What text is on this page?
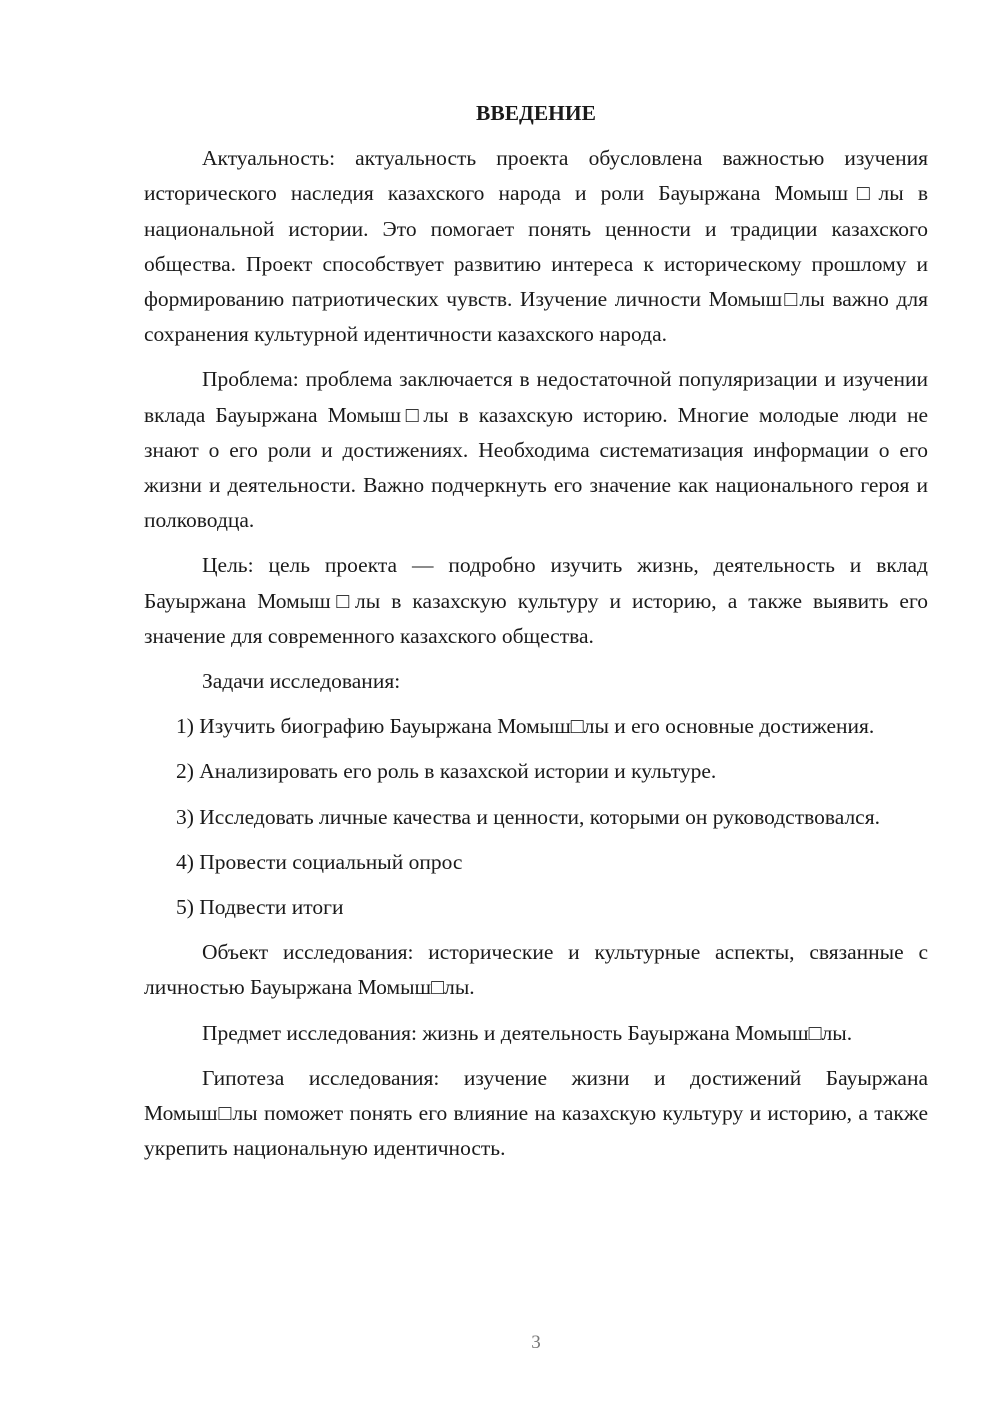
ВВЕДЕНИЕ
Актуальность: актуальность проекта обусловлена важностью изучения исторического наследия казахского народа и роли Бауыржана Момыш□лы в национальной истории. Это помогает понять ценности и традиции казахского общества. Проект способствует развитию интереса к историческому прошлому и формированию патриотических чувств. Изучение личности Момыш□лы важно для сохранения культурной идентичности казахского народа.
Проблема: проблема заключается в недостаточной популяризации и изучении вклада Бауыржана Момыш□лы в казахскую историю. Многие молодые люди не знают о его роли и достижениях. Необходима систематизация информации о его жизни и деятельности. Важно подчеркнуть его значение как национального героя и полководца.
Цель: цель проекта — подробно изучить жизнь, деятельность и вклад Бауыржана Момыш□лы в казахскую культуру и историю, а также выявить его значение для современного казахского общества.
Задачи исследования:
1) Изучить биографию Бауыржана Момыш□лы и его основные достижения.
2) Анализировать его роль в казахской истории и культуре.
3) Исследовать личные качества и ценности, которыми он руководствовался.
4) Провести социальный опрос
5) Подвести итоги
Объект исследования: исторические и культурные аспекты, связанные с личностью Бауыржана Момыш□лы.
Предмет исследования: жизнь и деятельность Бауыржана Момыш□лы.
Гипотеза исследования: изучение жизни и достижений Бауыржана Момыш□лы поможет понять его влияние на казахскую культуру и историю, а также укрепить национальную идентичность.
3
